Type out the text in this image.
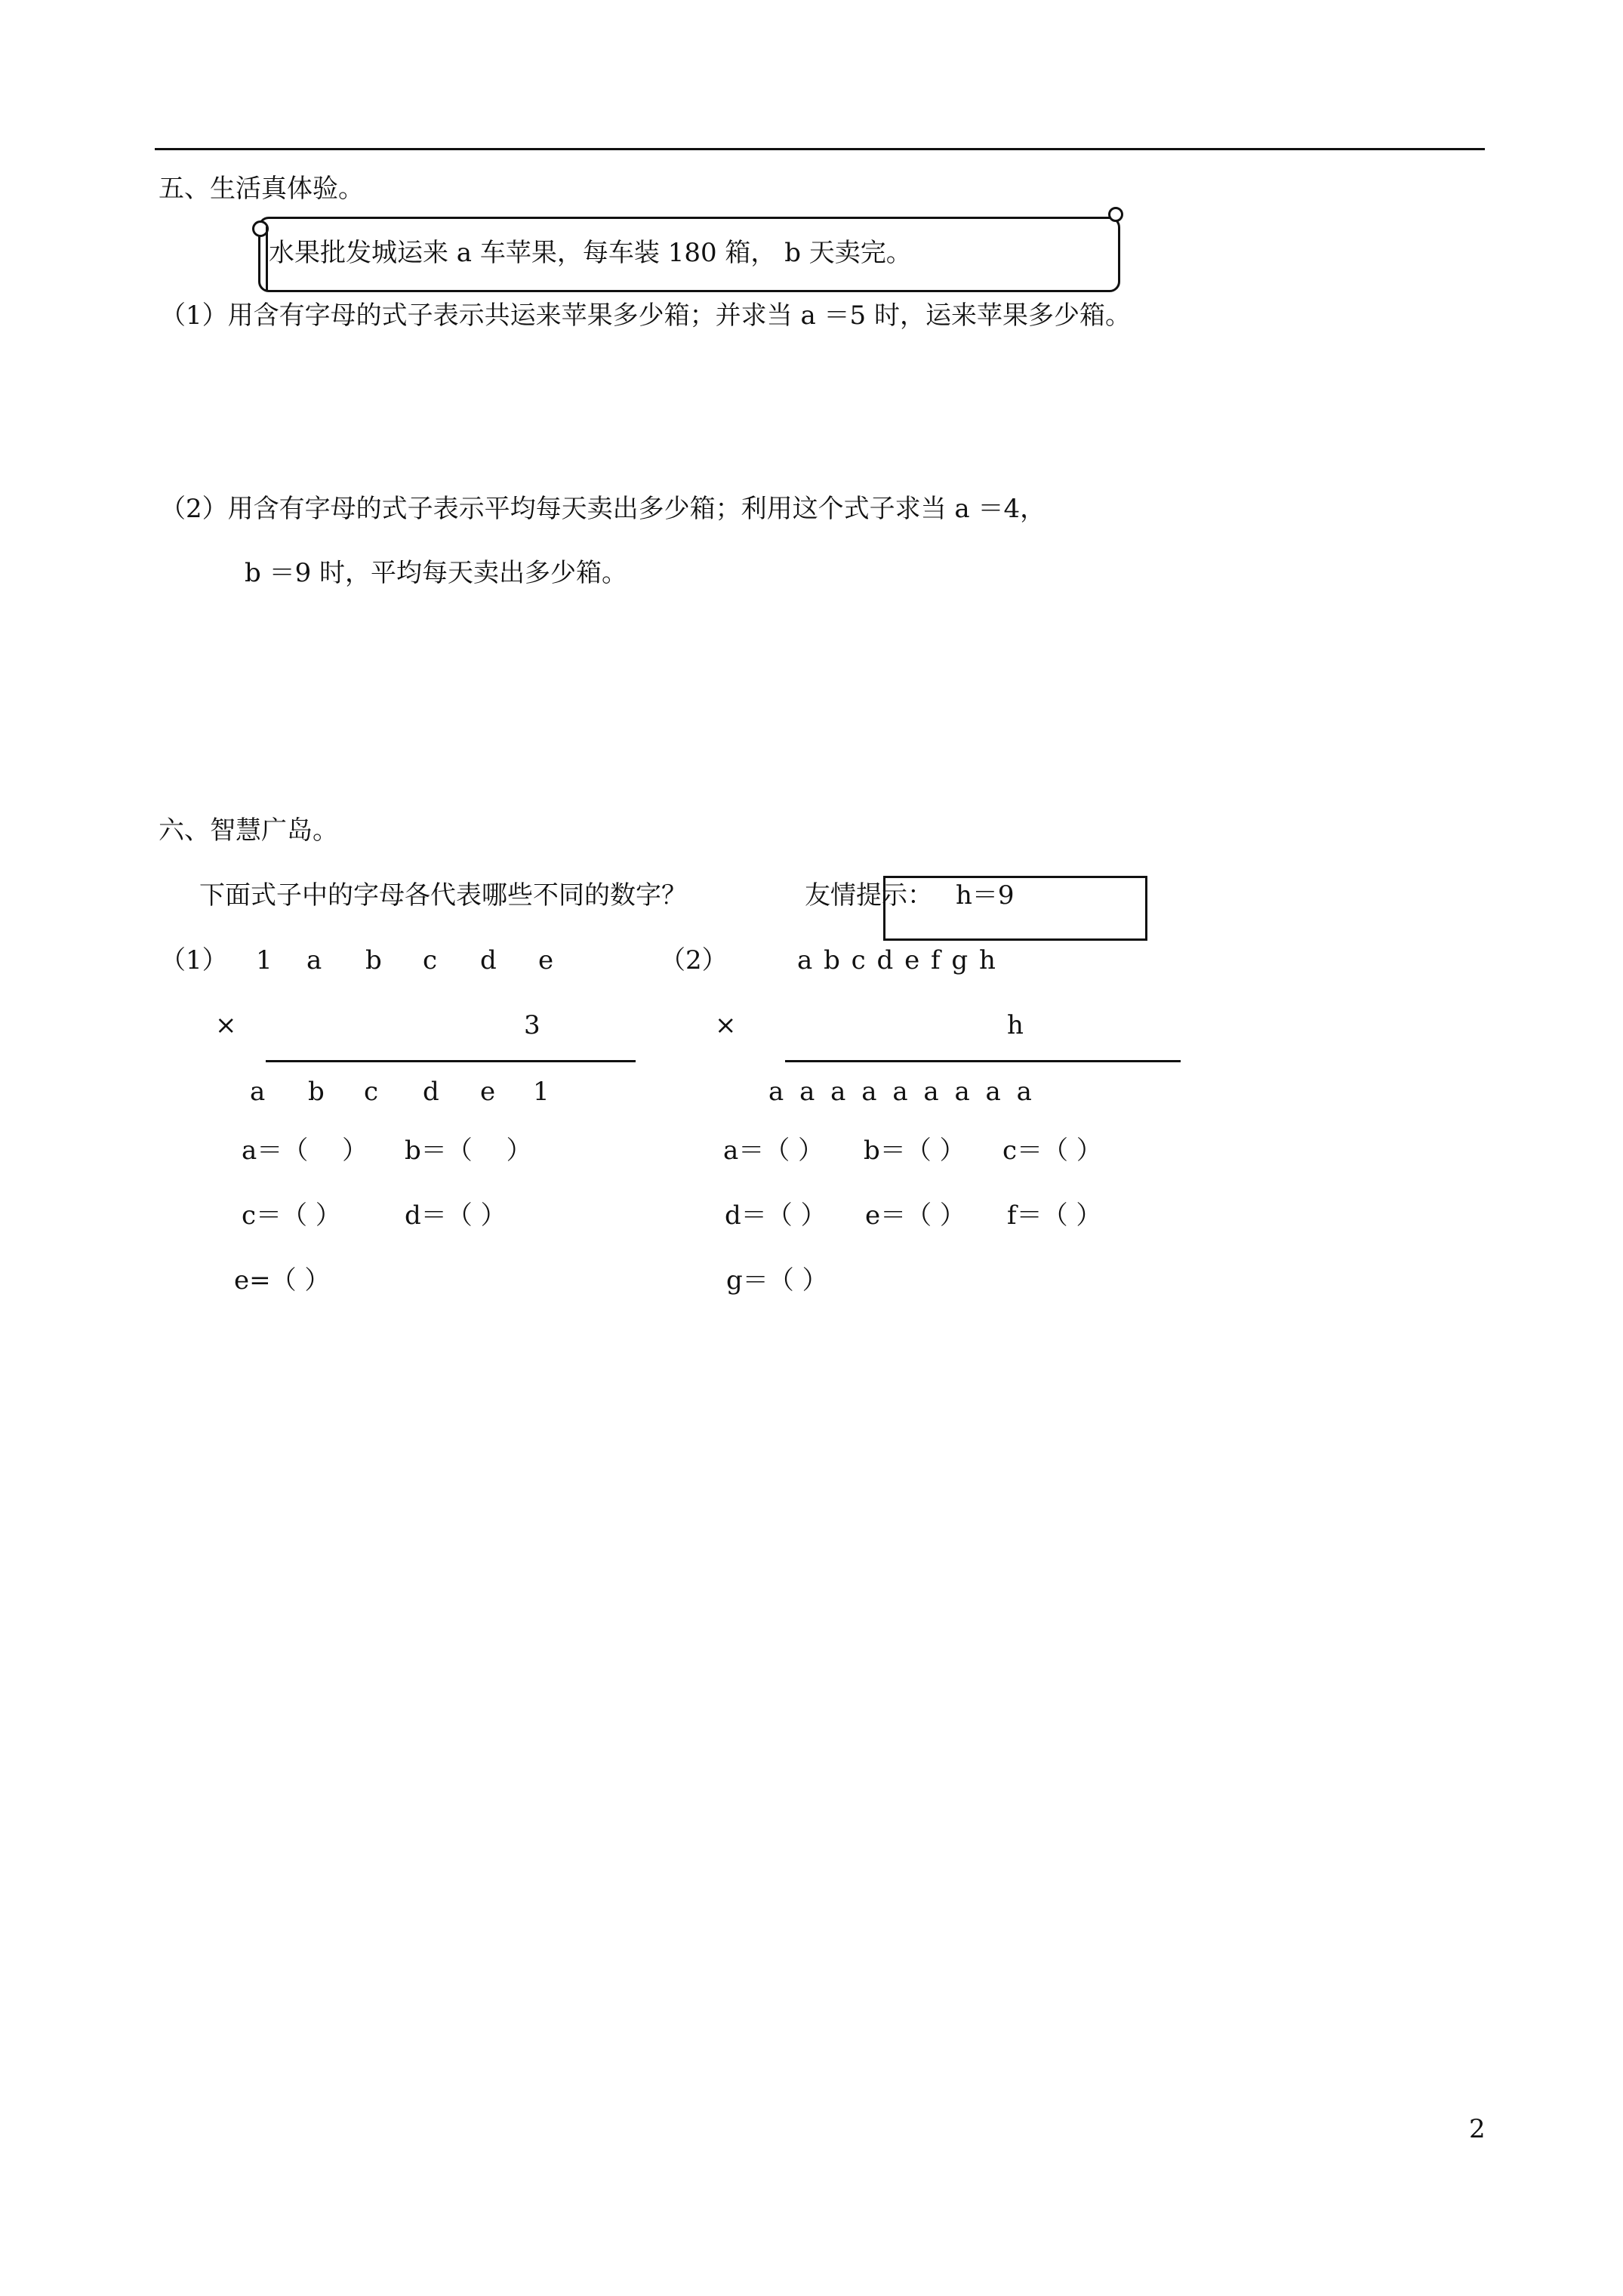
五、生活真体验。
水果批发城运来 a 车苹果，每车装 180 箱， b 天卖完。
（1）用含有字母的式子表示共运来苹果多少箱；并求当 a ＝5 时，运来苹果多少箱。
（2）用含有字母的式子表示平均每天卖出多少箱；利用这个式子求当 a ＝4，
b ＝9 时，平均每天卖出多少箱。
六、智慧广岛。
下面式子中的字母各代表哪些不同的数字？	友情提示： h＝9
（1） 1 a b c d e
×	3
a b c d e 1
a＝（　 ） b＝（　 ）
c＝（ ） d＝（ ）
e=（ ）
（2）	a b c d e f g h
×	h
a a a a a a a a a
a＝（ ） b＝（ ） c＝（ ）
d＝（ ） e＝（ ） f＝（ ）
g＝（ ）
2
